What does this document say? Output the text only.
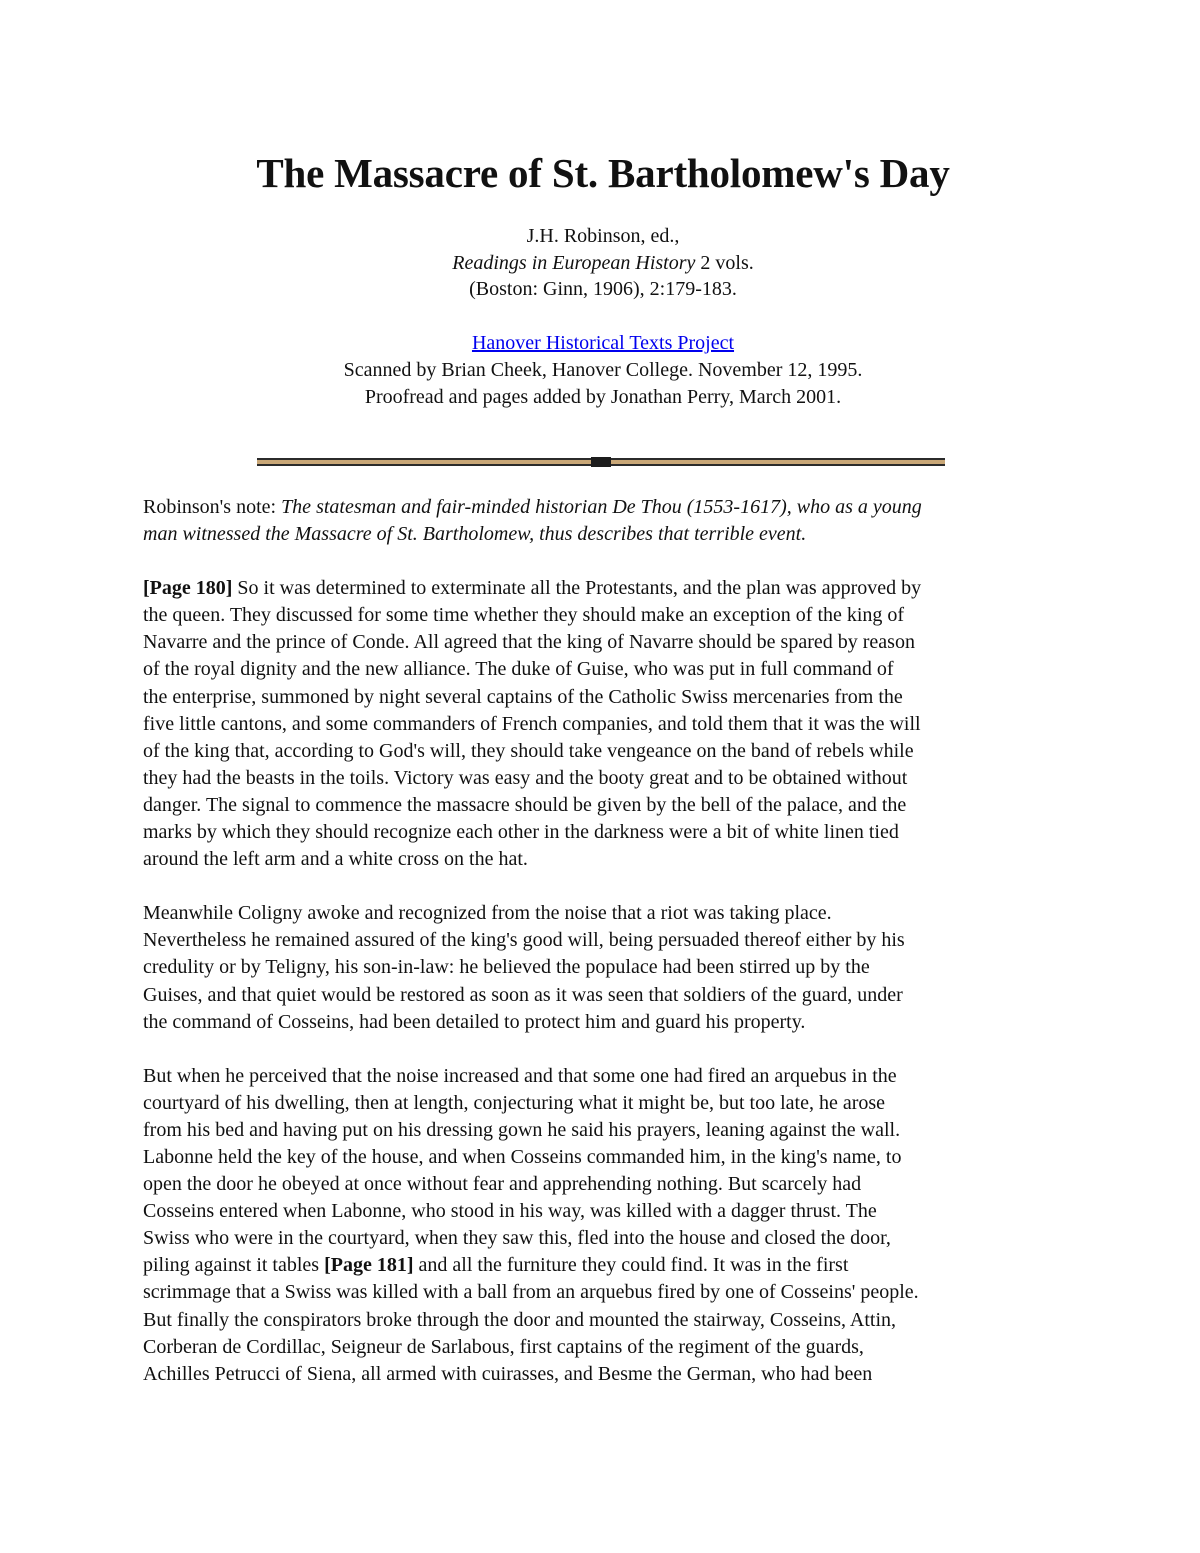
The Massacre of St. Bartholomew's Day
J.H. Robinson, ed.,
Readings in European History 2 vols.
(Boston: Ginn, 1906), 2:179-183.
Hanover Historical Texts Project
Scanned by Brian Cheek, Hanover College. November 12, 1995.
Proofread and pages added by Jonathan Perry, March 2001.

Robinson's note: The statesman and fair-minded historian De Thou (1553-1617), who as a young
man witnessed the Massacre of St. Bartholomew, thus describes that terrible event.

[Page 180] So it was determined to exterminate all the Protestants, and the plan was approved by
the queen. They discussed for some time whether they should make an exception of the king of
Navarre and the prince of Conde. All agreed that the king of Navarre should be spared by reason
of the royal dignity and the new alliance. The duke of Guise, who was put in full command of
the enterprise, summoned by night several captains of the Catholic Swiss mercenaries from the
five little cantons, and some commanders of French companies, and told them that it was the will
of the king that, according to God's will, they should take vengeance on the band of rebels while
they had the beasts in the toils. Victory was easy and the booty great and to be obtained without
danger. The signal to commence the massacre should be given by the bell of the palace, and the
marks by which they should recognize each other in the darkness were a bit of white linen tied
around the left arm and a white cross on the hat.

Meanwhile Coligny awoke and recognized from the noise that a riot was taking place.
Nevertheless he remained assured of the king's good will, being persuaded thereof either by his
credulity or by Teligny, his son-in-law: he believed the populace had been stirred up by the
Guises, and that quiet would be restored as soon as it was seen that soldiers of the guard, under
the command of Cosseins, had been detailed to protect him and guard his property.

But when he perceived that the noise increased and that some one had fired an arquebus in the
courtyard of his dwelling, then at length, conjecturing what it might be, but too late, he arose
from his bed and having put on his dressing gown he said his prayers, leaning against the wall.
Labonne held the key of the house, and when Cosseins commanded him, in the king's name, to
open the door he obeyed at once without fear and apprehending nothing. But scarcely had
Cosseins entered when Labonne, who stood in his way, was killed with a dagger thrust. The
Swiss who were in the courtyard, when they saw this, fled into the house and closed the door,
piling against it tables [Page 181] and all the furniture they could find. It was in the first
scrimmage that a Swiss was killed with a ball from an arquebus fired by one of Cosseins' people.
But finally the conspirators broke through the door and mounted the stairway, Cosseins, Attin,
Corberan de Cordillac, Seigneur de Sarlabous, first captains of the regiment of the guards,
Achilles Petrucci of Siena, all armed with cuirasses, and Besme the German, who had been
